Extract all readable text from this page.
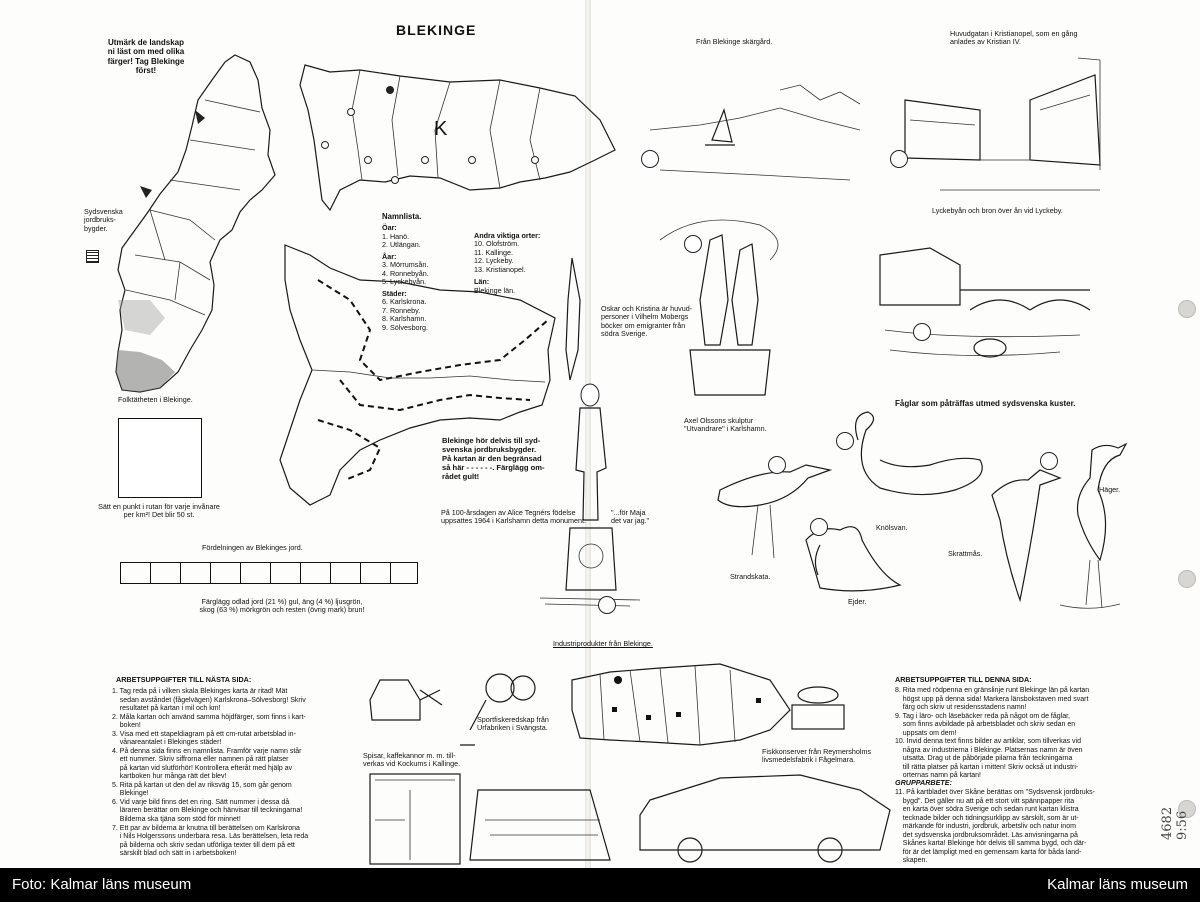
BLEKINGE
Utmärk de landskap
ni läst om med olika
färger! Tag Blekinge
först!
Sydsvenska
jordbruks-
bygder.
Folktätheten i Blekinge.
Sätt en punkt i rutan för varje invånare
per km²! Det blir 50 st.
Fördelningen av Blekinges jord.
Färglägg odlad jord (21 %) gul, äng (4 %) ljusgrön,
skog (63 %) mörkgrön och resten (övrig mark) brun!
ARBETSUPPGIFTER TILL NÄSTA SIDA:
1. Tag reda på i vilken skala Blekinges karta är ritad! Mät
sedan avståndet (fågelvägen) Karlskrona–Sölvesborg! Skriv
resultatet på kartan i mil och km!
2. Måla kartan och använd samma höjdfärger, som finns i kart-
boken!
3. Visa med ett stapeldiagram på ett cm-rutat arbetsblad in-
vånareantalet i Blekinges städer!
4. På denna sida finns en namnlista. Framför varje namn står
ett nummer. Skriv siffrorna eller namnen på rätt platser
på kartan vid slutförhör! Kontrollera efteråt med hjälp av
kartboken hur många rätt det blev!
5. Rita på kartan ut den del av riksväg 15, som går genom
Blekinge!
6. Vid varje bild finns det en ring. Sätt nummer i dessa då
läraren berättar om Blekinge och hänvisar till teckningarna!
Bilderna ska tjäna som stöd för minnet!
7. Ett par av bilderna är knutna till berättelsen om Karlskrona
i Nils Holgerssons underbara resa. Läs berättelsen, leta reda
på bilderna och skriv sedan utförliga texter till dem på ett
särskilt blad och sätt in i arbetsboken!
K
Namnlista.
Öar:
1. Hanö.
2. Utlängan.
Åar:
3. Mörrumsån.
4. Ronnebyån.
5. Lyckebyån.
Städer:
6. Karlskrona.
7. Ronneby.
8. Karlshamn.
9. Sölvesborg.
Andra viktiga orter:
10. Olofström.
11. Kallinge.
12. Lyckeby.
13. Kristianopel.
Län:
Blekinge län.
Blekinge hör delvis till syd-
svenska jordbruksbygder.
På kartan är den begränsad
så här - - - - - -. Färglägg om-
rådet gult!
På 100-årsdagen av Alice Tegnérs födelse
uppsattes 1964 i Karlshamn detta monument.
"...för Maja
det var jag."
Industriprodukter från Blekinge.
Spisar, kaffekannor m. m. till-
verkas vid Kockums i Kallinge.
Sportfiskeredskap från
Urfabriken i Svängsta.
Fiskkonserver från Reymersholms
livsmedelsfabrik i Fågelmara.
Från Blekinge skärgård.
Huvudgatan i Kristianopel, som en gång
anlades av Kristian IV.
Lyckebyån och bron över ån vid Lyckeby.
Oskar och Kristina är huvud-
personer i Vilhelm Mobergs
böcker om emigranter från
södra Sverige.
Axel Olssons skulptur
"Utvandrare" i Karlshamn.
Fåglar som påträffas utmed sydsvenska kuster.
Strandskata.
Knölsvan.
Ejder.
Skrattmås.
Häger.
ARBETSUPPGIFTER TILL DENNA SIDA:
8. Rita med rödpenna en gränslinje runt Blekinge län på kartan
högst upp på denna sida! Markera länsbokstaven med svart
färg och skriv ut residensstadens namn!
9. Tag i läro- och läsebäcker reda på något om de fåglar,
som finns avbildade på arbetsbladet och skriv sedan en
uppsats om dem!
10. Invid denna text finns bilder av artiklar, som tillverkas vid
några av industrierna i Blekinge. Platsernas namn är öven
utsatta. Drag ut de påbörjade pilarna från teckningarna
till rätta platser på kartan i mitten! Skriv också ut industri-
orternas namn på kartan!
GRUPPARBETE:
11. På kartbladet över Skåne berättas om "Sydsvensk jordbruks-
bygd". Det gäller nu att på ett stort vitt spännpapper rita
en karta över södra Sverige och sedan runt kartan klistra
tecknade bilder och tidningsurklipp av särskilt, som är ut-
märkande för industri, jordbruk, arbetsliv och natur inom
det sydsvenska jordbruksområdet. Läs anvisningarna på
Skånes karta! Blekinge hör delvis till samma bygd, och där-
för är det lämpligt med en gemensam karta för båda land-
skapen.
4682 9:56
Foto: Kalmar läns museum	Kalmar läns museum
